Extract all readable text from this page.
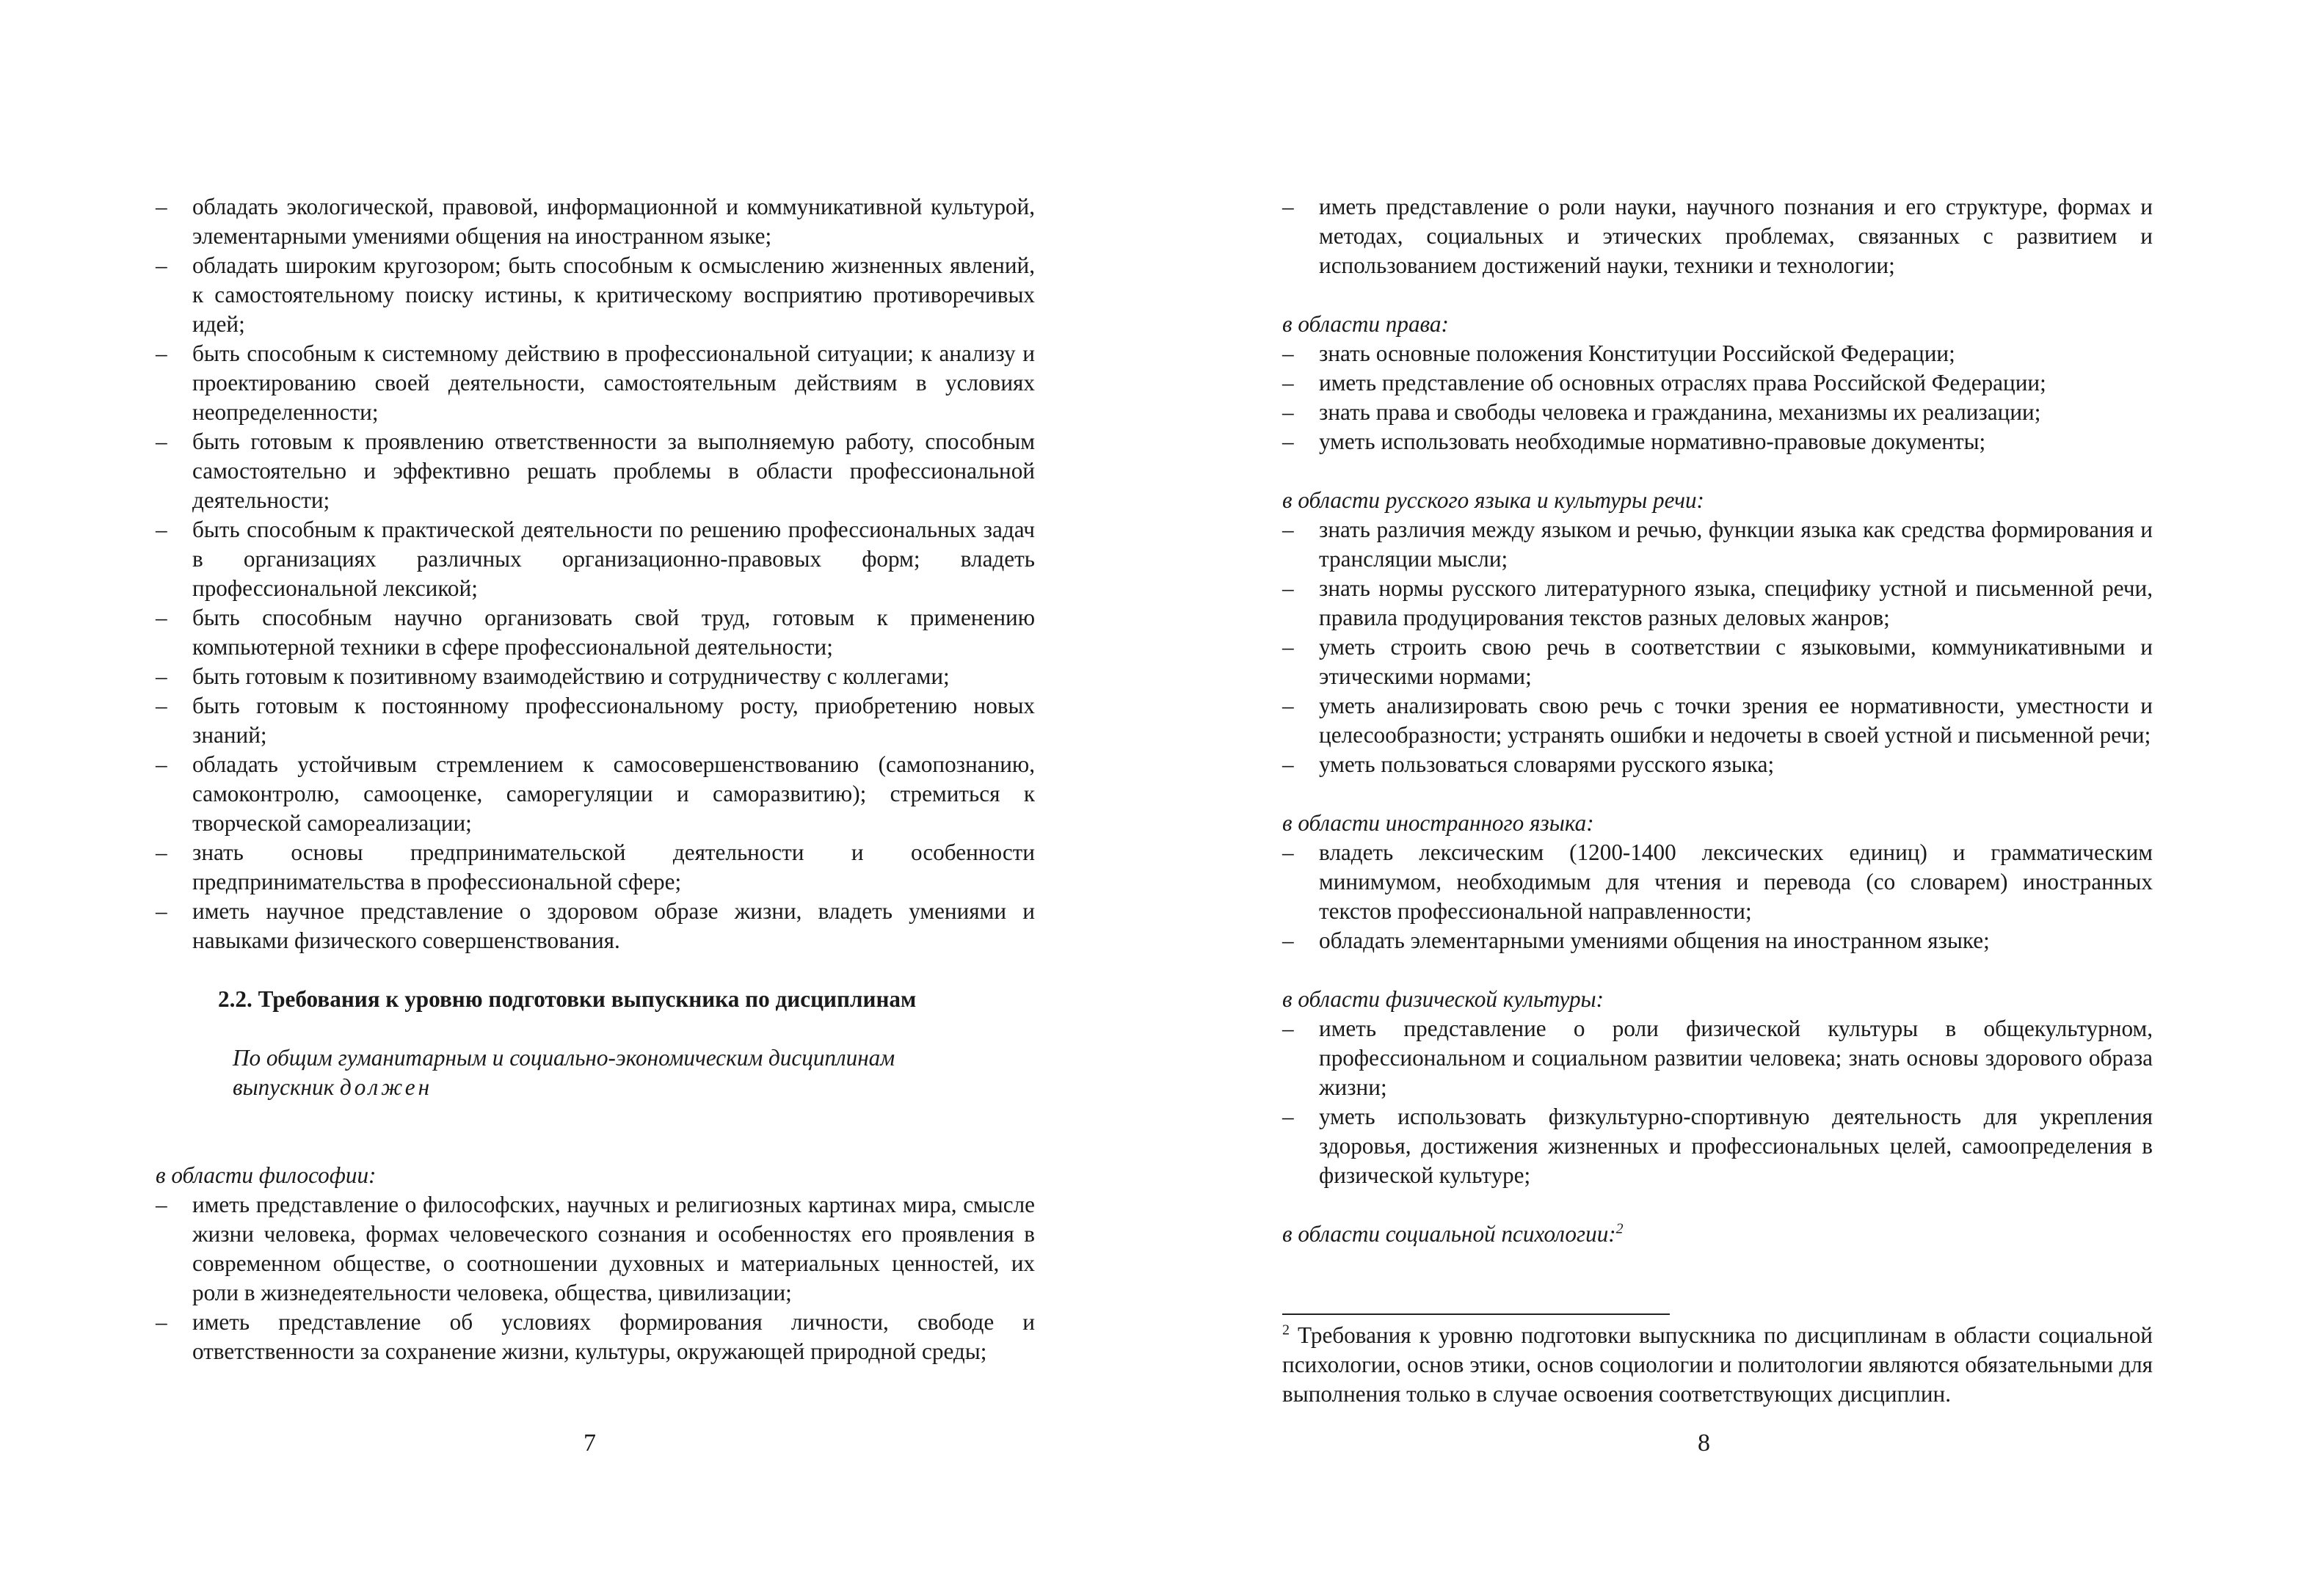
– обладать экологической, правовой, информационной и коммуникативной культурой, элементарными умениями общения на иностранном языке;
– обладать широким кругозором; быть способным к осмыслению жизненных явлений, к самостоятельному поиску истины, к критическому восприятию противоречивых идей;
– быть способным к системному действию в профессиональной ситуации; к анализу и проектированию своей деятельности, самостоятельным действиям в условиях неопределенности;
– быть готовым к проявлению ответственности за выполняемую работу, способным самостоятельно и эффективно решать проблемы в области профессиональной деятельности;
– быть способным к практической деятельности по решению профессиональных задач в организациях различных организационно-правовых форм; владеть профессиональной лексикой;
– быть способным научно организовать свой труд, готовым к применению компьютерной техники в сфере профессиональной деятельности;
– быть готовым к позитивному взаимодействию и сотрудничеству с коллегами;
– быть готовым к постоянному профессиональному росту, приобретению новых знаний;
– обладать устойчивым стремлением к самосовершенствованию (самопознанию, самоконтролю, самооценке, саморегуляции и саморазвитию); стремиться к творческой самореализации;
– знать основы предпринимательской деятельности и особенности предпринимательства в профессиональной сфере;
– иметь научное представление о здоровом образе жизни, владеть умениями и навыками физического совершенствования.
2.2. Требования к уровню подготовки выпускника по дисциплинам
По общим гуманитарным и социально-экономическим дисциплинам
выпускник должен
в области философии:
– иметь представление о философских, научных и религиозных картинах мира, смысле жизни человека, формах человеческого сознания и особенностях его проявления в современном обществе, о соотношении духовных и материальных ценностей, их роли в жизнедеятельности человека, общества, цивилизации;
– иметь представление об условиях формирования личности, свободе и ответственности за сохранение жизни, культуры, окружающей природной среды;
7
– иметь представление о роли науки, научного познания и его структуре, формах и методах, социальных и этических проблемах, связанных с развитием и использованием достижений науки, техники и технологии;
в области права:
– знать основные положения Конституции Российской Федерации;
– иметь представление об основных отраслях права Российской Федерации;
– знать права и свободы человека и гражданина, механизмы их реализации;
– уметь использовать необходимые нормативно-правовые документы;
в области русского языка и культуры речи:
– знать различия между языком и речью, функции языка как средства формирования и трансляции мысли;
– знать нормы русского литературного языка, специфику устной и письменной речи, правила продуцирования текстов разных деловых жанров;
– уметь строить свою речь в соответствии с языковыми, коммуникативными и этическими нормами;
– уметь анализировать свою речь с точки зрения ее нормативности, уместности и целесообразности; устранять ошибки и недочеты в своей устной и письменной речи;
– уметь пользоваться словарями русского языка;
в области иностранного языка:
– владеть лексическим (1200-1400 лексических единиц) и грамматическим минимумом, необходимым для чтения и перевода (со словарем) иностранных текстов профессиональной направленности;
– обладать элементарными умениями общения на иностранном языке;
в области физической культуры:
– иметь представление о роли физической культуры в общекультурном, профессиональном и социальном развитии человека; знать основы здорового образа жизни;
– уметь использовать физкультурно-спортивную деятельность для укрепления здоровья, достижения жизненных и профессиональных целей, самоопределения в физической культуре;
в области социальной психологии:$^2$
$^2$ Требования к уровню подготовки выпускника по дисциплинам в области социальной психологии, основ этики, основ социологии и политологии являются обязательными для выполнения только в случае освоения соответствующих дисциплин.
8
